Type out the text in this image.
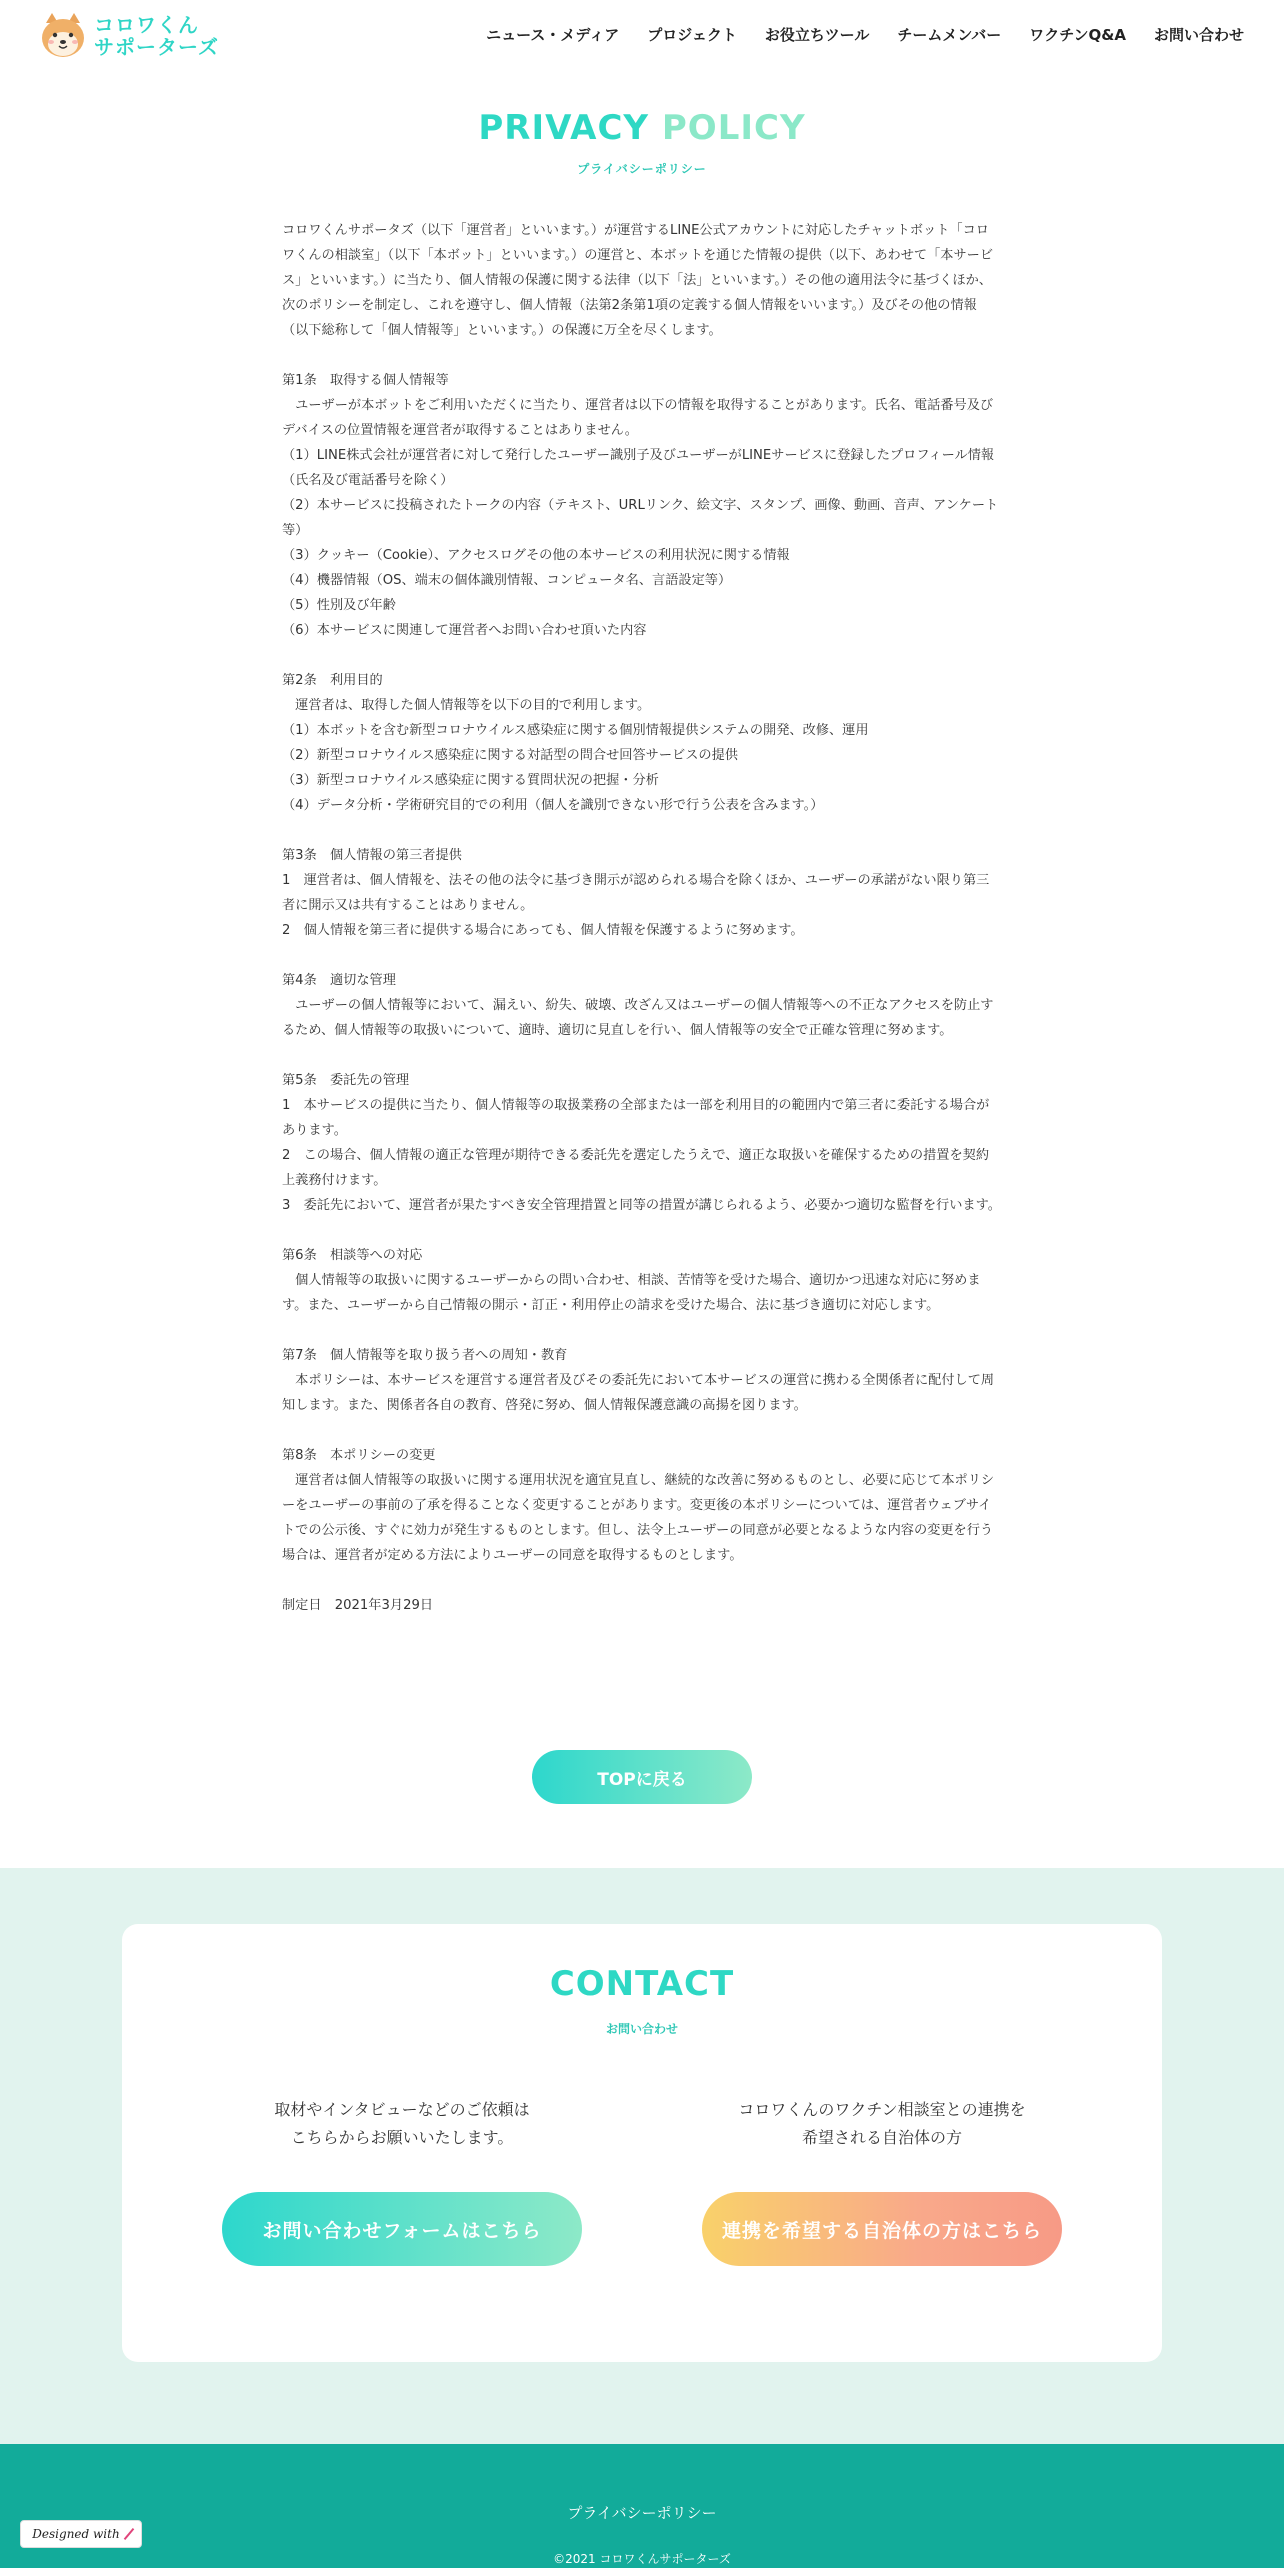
コロワくん
サポーターズ	ニュース・メディア プロジェクト お役立ちツール チームメンバー ワクチンQ&A お問い合わせ
PRIVACY POLICY
プライバシーポリシー

コロワくんサポータズ（以下「運営者」といいます。）が運営するLINE公式アカウントに対応したチャットボット「コロワくんの相談室」（以下「本ボット」といいます。）の運営と、本ボットを通じた情報の提供（以下、あわせて「本サービス」といいます。）に当たり、個人情報の保護に関する法律（以下「法」といいます。）その他の適用法令に基づくほか、次のポリシーを制定し、これを遵守し、個人情報（法第2条第1項の定義する個人情報をいいます。）及びその他の情報（以下総称して「個人情報等」といいます。）の保護に万全を尽くします。

第1条　取得する個人情報等

　ユーザーが本ボットをご利用いただくに当たり、運営者は以下の情報を取得することがあります。氏名、電話番号及びデバイスの位置情報を運営者が取得することはありません。

（1）LINE株式会社が運営者に対して発行したユーザー識別子及びユーザーがLINEサービスに登録したプロフィール情報（氏名及び電話番号を除く）

（2）本サービスに投稿されたトークの内容（テキスト、URLリンク、絵文字、スタンプ、画像、動画、音声、アンケート等）

（3）クッキー（Cookie）、アクセスログその他の本サービスの利用状況に関する情報

（4）機器情報（OS、端末の個体識別情報、コンピュータ名、言語設定等）

（5）性別及び年齢

（6）本サービスに関連して運営者へお問い合わせ頂いた内容

第2条　利用目的

　運営者は、取得した個人情報等を以下の目的で利用します。

（1）本ボットを含む新型コロナウイルス感染症に関する個別情報提供システムの開発、改修、運用

（2）新型コロナウイルス感染症に関する対話型の問合せ回答サービスの提供

（3）新型コロナウイルス感染症に関する質問状況の把握・分析

（4）データ分析・学術研究目的での利用（個人を識別できない形で行う公表を含みます。）

第3条　個人情報の第三者提供

1　運営者は、個人情報を、法その他の法令に基づき開示が認められる場合を除くほか、ユーザーの承諾がない限り第三者に開示又は共有することはありません。

2　個人情報を第三者に提供する場合にあっても、個人情報を保護するように努めます。

第4条　適切な管理

　ユーザーの個人情報等において、漏えい、紛失、破壊、改ざん又はユーザーの個人情報等への不正なアクセスを防止するため、個人情報等の取扱いについて、適時、適切に見直しを行い、個人情報等の安全で正確な管理に努めます。

第5条　委託先の管理

1　本サービスの提供に当たり、個人情報等の取扱業務の全部または一部を利用目的の範囲内で第三者に委託する場合があります。

2　この場合、個人情報の適正な管理が期待できる委託先を選定したうえで、適正な取扱いを確保するための措置を契約上義務付けます。

3　委託先において、運営者が果たすべき安全管理措置と同等の措置が講じられるよう、必要かつ適切な監督を行います。

第6条　相談等への対応

　個人情報等の取扱いに関するユーザーからの問い合わせ、相談、苦情等を受けた場合、適切かつ迅速な対応に努めます。また、ユーザーから自己情報の開示・訂正・利用停止の請求を受けた場合、法に基づき適切に対応します。

第7条　個人情報等を取り扱う者への周知・教育

　本ポリシーは、本サービスを運営する運営者及びその委託先において本サービスの運営に携わる全関係者に配付して周知します。また、関係者各自の教育、啓発に努め、個人情報保護意識の高揚を図ります。

第8条　本ポリシーの変更

　運営者は個人情報等の取扱いに関する運用状況を適宜見直し、継続的な改善に努めるものとし、必要に応じて本ポリシーをユーザーの事前の了承を得ることなく変更することがあります。変更後の本ポリシーについては、運営者ウェブサイトでの公示後、すぐに効力が発生するものとします。但し、法令上ユーザーの同意が必要となるような内容の変更を行う場合は、運営者が定める方法によりユーザーの同意を取得するものとします。

制定日　2021年3月29日

TOPに戻る
CONTACT
お問い合わせ
取材やインタビューなどのご依頼は
こちらからお願いいたします。
コロワくんのワクチン相談室との連携を
希望される自治体の方
お問い合わせフォームはこちら	連携を希望する自治体の方はこちら
プライバシーポリシー
©2021 コロワくんサポーターズ
Designed with
